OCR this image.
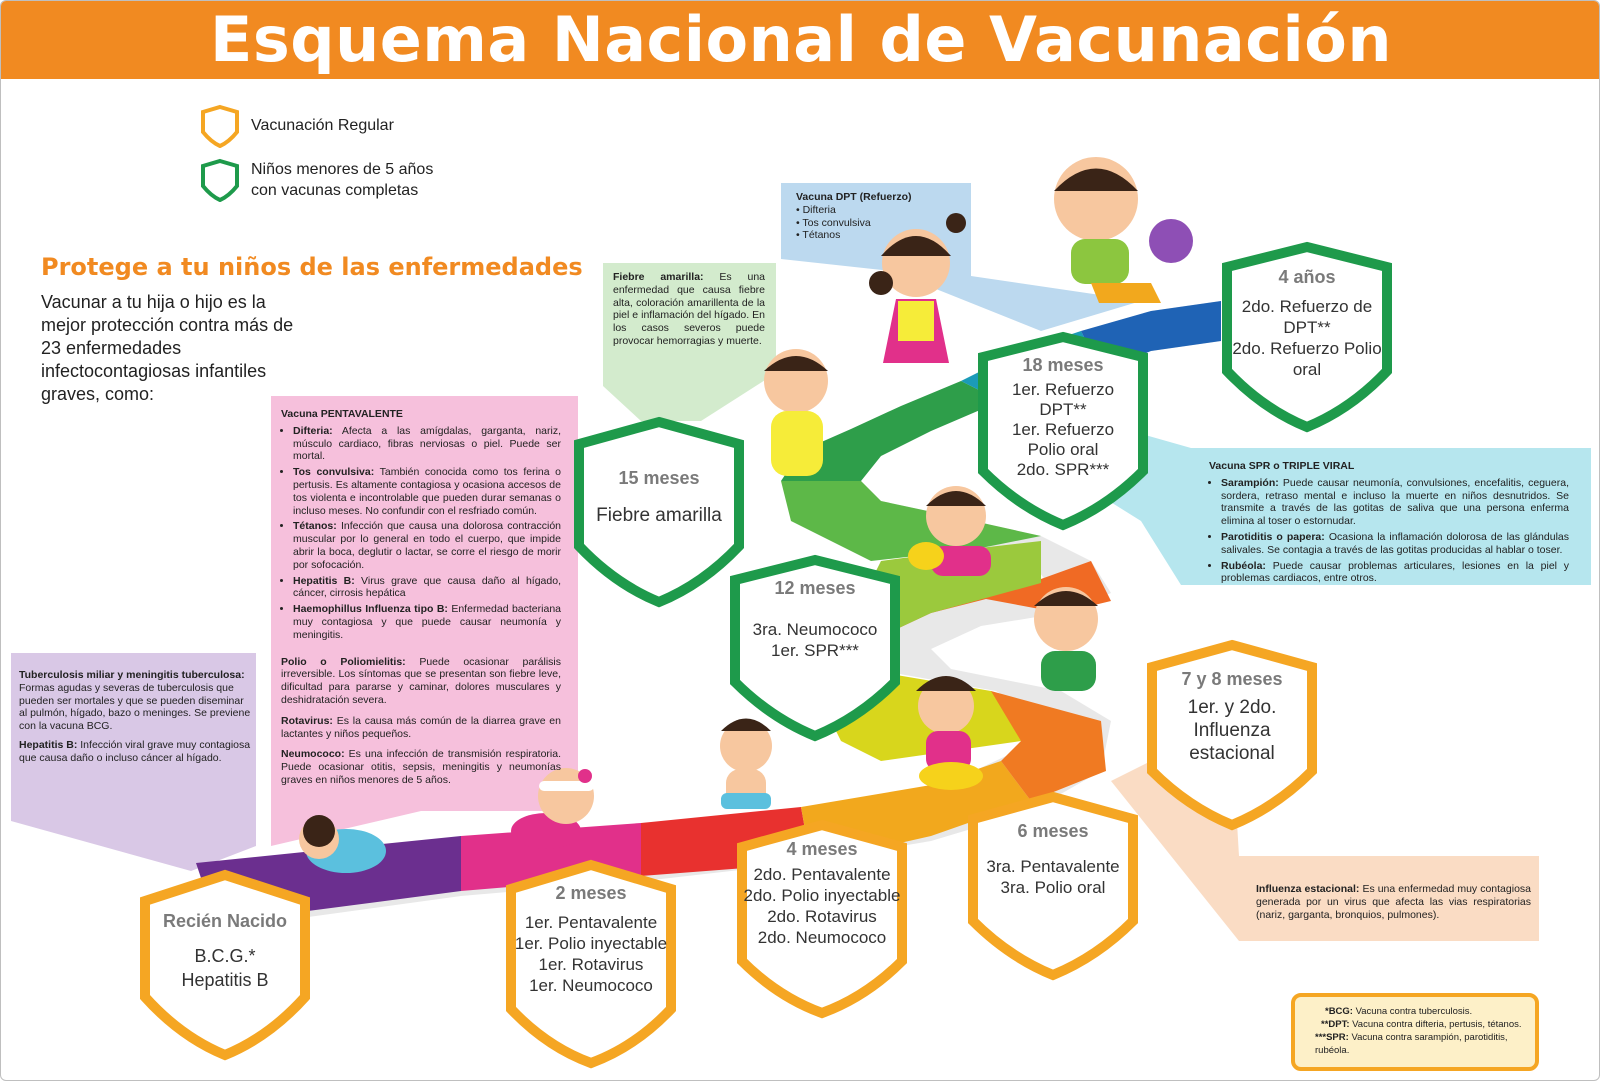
Esquema Nacional de Vacunación
Vacunación Regular
Niños menores de 5 años
con vacunas completas
Protege a tu niños de las enfermedades
Vacunar a tu hija o hijo es la mejor protección contra más de 23 enfermedades infectocontagiosas infantiles graves, como:

Tuberculosis miliar y meningitis tuberculosa:
Formas agudas y severas de tuberculosis que pueden ser mortales y que se pueden diseminar al pulmón, hígado, bazo o meninges. Se previene con la vacuna BCG.

Hepatitis B: Infección viral grave muy contagiosa que causa daño o incluso cáncer al hígado.

Vacuna PENTAVALENTE
• Difteria: Afecta a las amígdalas, garganta, nariz, músculo cardiaco, fibras nerviosas o piel. Puede ser mortal.
• Tos convulsiva: También conocida como tos ferina o pertusis. Es altamente contagiosa y ocasiona accesos de tos violenta e incontrolable que pueden durar semanas o incluso meses. No confundir con el resfriado común.
• Tétanos: Infección que causa una dolorosa contracción muscular por lo general en todo el cuerpo, que impide abrir la boca, deglutir o lactar, se corre el riesgo de morir por sofocación.
• Hepatitis B: Virus grave que causa daño al hígado, cáncer, cirrosis hepática
• Haemophillus Influenza tipo B: Enfermedad bacteriana muy contagiosa y que puede causar neumonía y meningitis.

Polio o Poliomielitis: Puede ocasionar parálisis irreversible. Los síntomas que se presentan son fiebre leve, dificultad para pararse y caminar, dolores musculares y deshidratación severa.

Rotavirus: Es la causa más común de la diarrea grave en lactantes y niños pequeños.

Neumococo: Es una infección de transmisión respiratoria. Puede ocasionar otitis, sepsis, meningitis y neumonías graves en niños menores de 5 años.

Fiebre amarilla: Es una enfermedad que causa fiebre alta, coloración amarillenta de la piel e inflamación del hígado. En los casos severos puede provocar hemorragias y muerte.

Vacuna DPT (Refuerzo)
• Difteria
• Tos convulsiva
• Tétanos
Vacuna SPR o TRIPLE VIRAL
• Sarampión: Puede causar neumonía, convulsiones, encefalitis, ceguera, sordera, retraso mental e incluso la muerte en niños desnutridos. Se transmite a través de las gotitas de saliva que una persona enferma elimina al toser o estornudar.
• Parotiditis o papera: Ocasiona la inflamación dolorosa de las glándulas salivales. Se contagia a través de las gotitas producidas al hablar o toser.
• Rubéola: Puede causar problemas articulares, lesiones en la piel y problemas cardiacos, entre otros.

Influenza estacional: Es una enfermedad muy contagiosa generada por un virus que afecta las vias respiratorias (nariz, garganta, bronquios, pulmones).

Recién Nacido
B.C.G.*
Hepatitis B
2 meses
1er. Pentavalente
1er. Polio inyectable
1er. Rotavirus
1er. Neumococo
4 meses
2do. Pentavalente
2do. Polio inyectable
2do. Rotavirus
2do. Neumococo
6 meses
3ra. Pentavalente
3ra. Polio oral
7 y 8 meses
1er. y 2do.
Influenza
estacional
12 meses
3ra. Neumococo
1er. SPR***
15 meses
Fiebre amarilla
18 meses
1er. Refuerzo
DPT**
1er. Refuerzo
Polio oral
2do. SPR***
4 años
2do. Refuerzo de
DPT**
2do. Refuerzo Polio
oral
*BCG: Vacuna contra tuberculosis.
**DPT: Vacuna contra difteria, pertusis, tétanos.
***SPR: Vacuna contra sarampión, parotiditis, rubéola.
